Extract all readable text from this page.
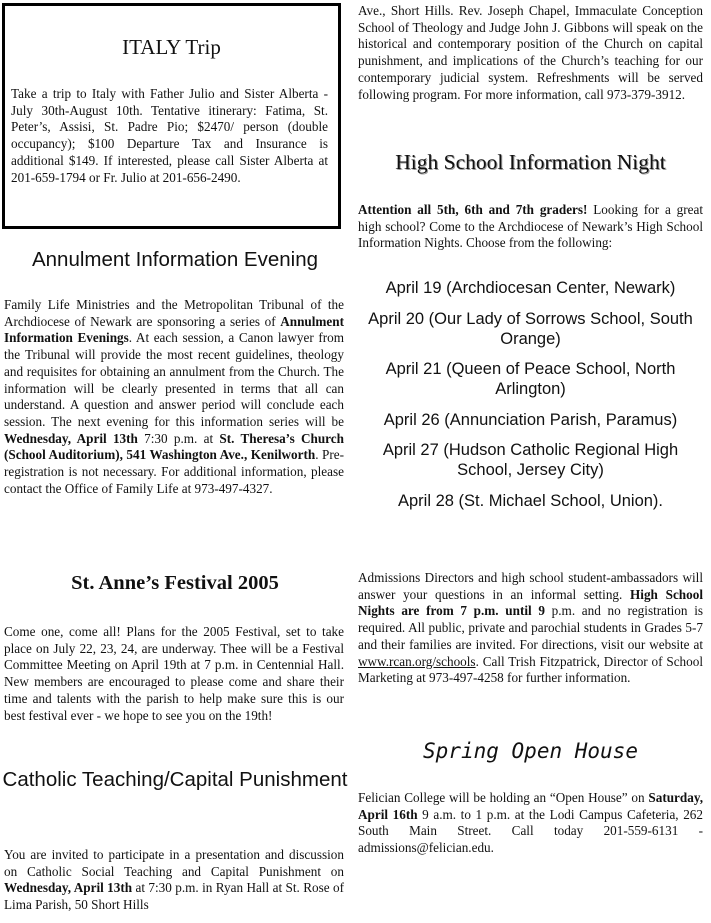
ITALY Trip

Take a trip to Italy with Father Julio and Sister Alberta - July 30th-August 10th. Tentative itinerary: Fatima, St. Peter’s, Assisi, St. Padre Pio; $2470/ person (double occupancy); $100 Departure Tax and Insurance is additional $149. If interested, please call Sister Alberta at 201-659-1794 or Fr. Julio at 201-656-2490.

Annulment Information Evening

Family Life Ministries and the Metropolitan Tribunal of the Archdiocese of Newark are sponsoring a series of Annulment Information Evenings. At each session, a Canon lawyer from the Tribunal will provide the most recent guidelines, theology and requisites for obtaining an annulment from the Church. The information will be clearly presented in terms that all can understand. A question and answer period will conclude each session. The next evening for this information series will be Wednesday, April 13th 7:30 p.m. at St. Theresa’s Church (School Auditorium), 541 Washington Ave., Kenilworth. Pre-registration is not necessary. For additional information, please contact the Office of Family Life at 973-497-4327.

St. Anne’s Festival 2005

Come one, come all! Plans for the 2005 Festival, set to take place on July 22, 23, 24, are underway. Thee will be a Festival Committee Meeting on April 19th at 7 p.m. in Centennial Hall. New members are encouraged to please come and share their time and talents with the parish to help make sure this is our best festival ever - we hope to see you on the 19th!

Catholic Teaching/Capital Punishment

You are invited to participate in a presentation and discussion on Catholic Social Teaching and Capital Punishment on Wednesday, April 13th at 7:30 p.m. in Ryan Hall at St. Rose of Lima Parish, 50 Short Hills

Ave., Short Hills. Rev. Joseph Chapel, Immaculate Conception School of Theology and Judge John J. Gibbons will speak on the historical and contemporary position of the Church on capital punishment, and implications of the Church’s teaching for our contemporary judicial system. Refreshments will be served following program. For more information, call 973-379-3912.

High School Information Night

Attention all 5th, 6th and 7th graders! Looking for a great high school? Come to the Archdiocese of Newark’s High School Information Nights. Choose from the following:

April 19 (Archdiocesan Center, Newark)
April 20 (Our Lady of Sorrows School, South Orange)
April 21 (Queen of Peace School, North Arlington)
April 26 (Annunciation Parish, Paramus)
April 27 (Hudson Catholic Regional High School, Jersey City)
April 28 (St. Michael School, Union).

Admissions Directors and high school student-ambassadors will answer your questions in an informal setting. High School Nights are from 7 p.m. until 9 p.m. and no registration is required. All public, private and parochial students in Grades 5-7 and their families are invited. For directions, visit our website at www.rcan.org/schools. Call Trish Fitzpatrick, Director of School Marketing at 973-497-4258 for further information.

Spring Open House

Felician College will be holding an “Open House” on Saturday, April 16th 9 a.m. to 1 p.m. at the Lodi Campus Cafeteria, 262 South Main Street. Call today 201-559-6131 - admissions@felician.edu.
